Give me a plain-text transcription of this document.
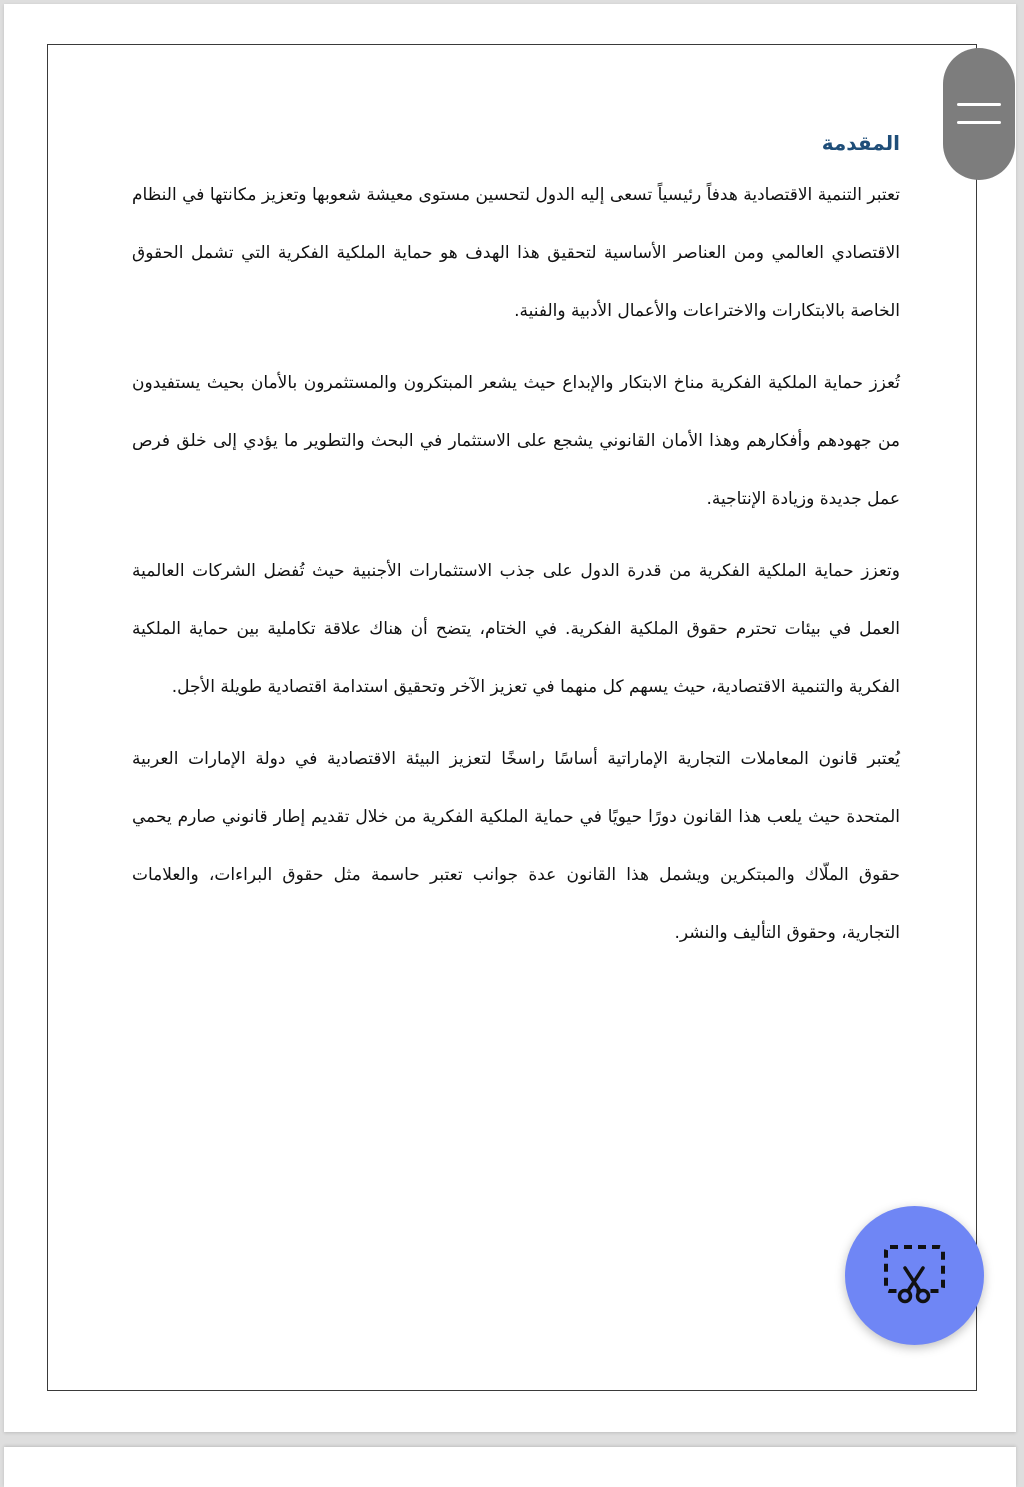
المقدمة

تعتبر التنمية الاقتصادية هدفاً رئيسياً تسعى إليه الدول لتحسين مستوى معيشة شعوبها وتعزيز مكانتها في النظام الاقتصادي العالمي ومن العناصر الأساسية لتحقيق هذا الهدف هو حماية الملكية الفكرية التي تشمل الحقوق الخاصة بالابتكارات والاختراعات والأعمال الأدبية والفنية.

تُعزز حماية الملكية الفكرية مناخ الابتكار والإبداع حيث يشعر المبتكرون والمستثمرون بالأمان بحيث يستفيدون من جهودهم وأفكارهم وهذا الأمان القانوني يشجع على الاستثمار في البحث والتطوير ما يؤدي إلى خلق فرص عمل جديدة وزيادة الإنتاجية.

وتعزز حماية الملكية الفكرية من قدرة الدول على جذب الاستثمارات الأجنبية حيث تُفضل الشركات العالمية العمل في بيئات تحترم حقوق الملكية الفكرية. في الختام، يتضح أن هناك علاقة تكاملية بين حماية الملكية الفكرية والتنمية الاقتصادية، حيث يسهم كل منهما في تعزيز الآخر وتحقيق استدامة اقتصادية طويلة الأجل.

يُعتبر قانون المعاملات التجارية الإماراتية أساسًا راسخًا لتعزيز البيئة الاقتصادية في دولة الإمارات العربية المتحدة حيث يلعب هذا القانون دورًا حيويًا في حماية الملكية الفكرية من خلال تقديم إطار قانوني صارم يحمي حقوق الملّاك والمبتكرين ويشمل هذا القانون عدة جوانب تعتبر حاسمة مثل حقوق البراءات، والعلامات التجارية، وحقوق التأليف والنشر.
